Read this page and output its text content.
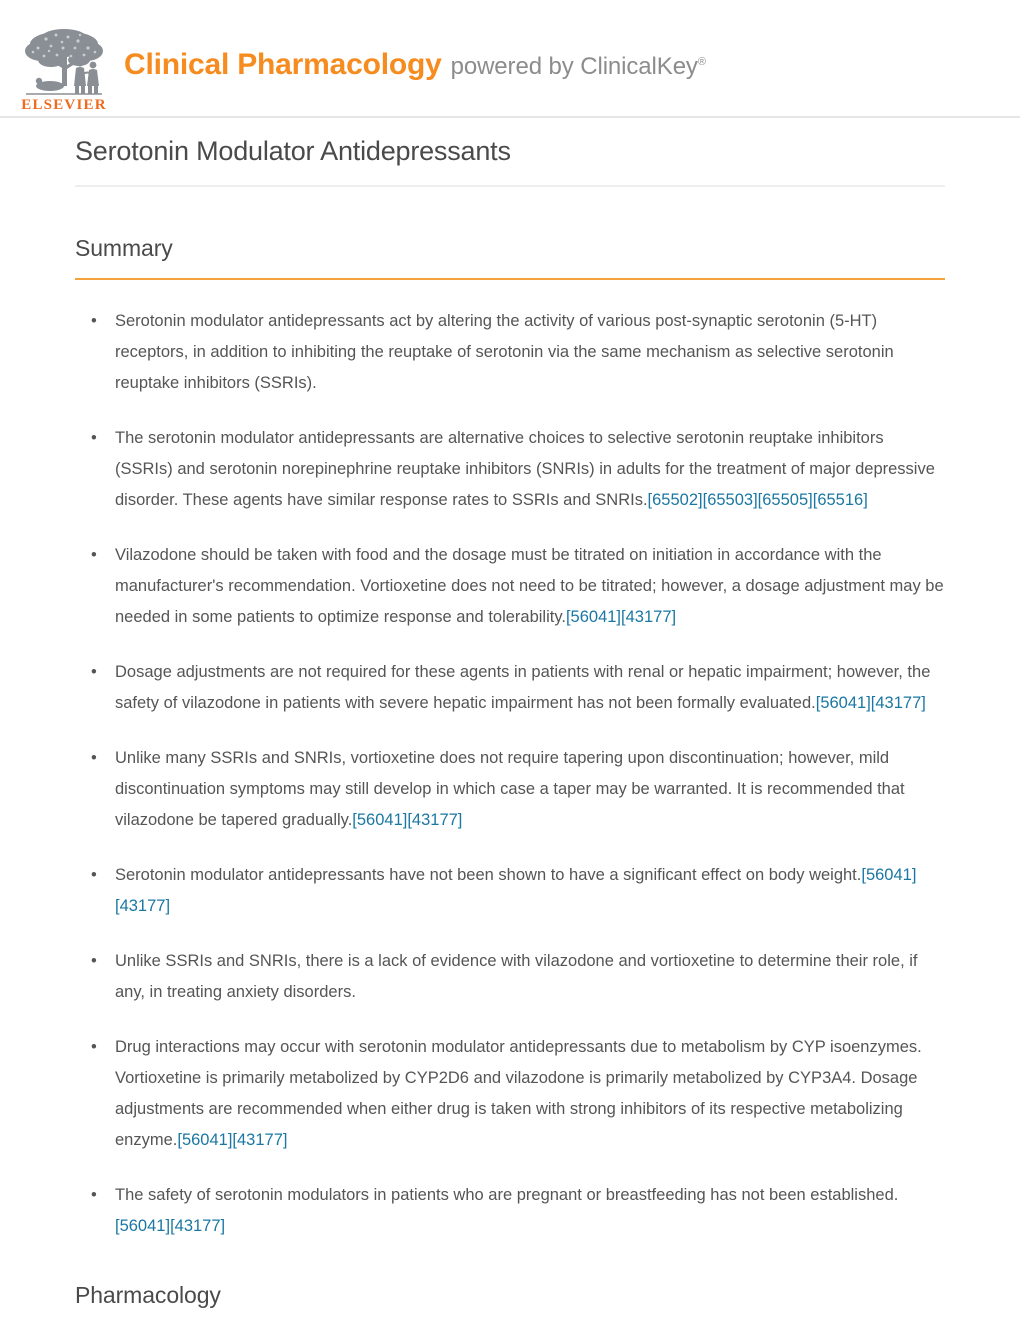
ELSEVIER
Clinical Pharmacology powered by ClinicalKey®
Serotonin Modulator Antidepressants
Summary
• Serotonin modulator antidepressants act by altering the activity of various post-synaptic serotonin (5-HT) receptors, in addition to inhibiting the reuptake of serotonin via the same mechanism as selective serotonin reuptake inhibitors (SSRIs).
• The serotonin modulator antidepressants are alternative choices to selective serotonin reuptake inhibitors (SSRIs) and serotonin norepinephrine reuptake inhibitors (SNRIs) in adults for the treatment of major depressive disorder. These agents have similar response rates to SSRIs and SNRIs.[65502][65503][65505][65516]
• Vilazodone should be taken with food and the dosage must be titrated on initiation in accordance with the manufacturer's recommendation. Vortioxetine does not need to be titrated; however, a dosage adjustment may be needed in some patients to optimize response and tolerability.[56041][43177]
• Dosage adjustments are not required for these agents in patients with renal or hepatic impairment; however, the safety of vilazodone in patients with severe hepatic impairment has not been formally evaluated.[56041][43177]
• Unlike many SSRIs and SNRIs, vortioxetine does not require tapering upon discontinuation; however, mild discontinuation symptoms may still develop in which case a taper may be warranted. It is recommended that vilazodone be tapered gradually.[56041][43177]
• Serotonin modulator antidepressants have not been shown to have a significant effect on body weight.[56041][43177]
• Unlike SSRIs and SNRIs, there is a lack of evidence with vilazodone and vortioxetine to determine their role, if any, in treating anxiety disorders.
• Drug interactions may occur with serotonin modulator antidepressants due to metabolism by CYP isoenzymes. Vortioxetine is primarily metabolized by CYP2D6 and vilazodone is primarily metabolized by CYP3A4. Dosage adjustments are recommended when either drug is taken with strong inhibitors of its respective metabolizing enzyme.[56041][43177]
• The safety of serotonin modulators in patients who are pregnant or breastfeeding has not been established.[56041][43177]
Pharmacology
